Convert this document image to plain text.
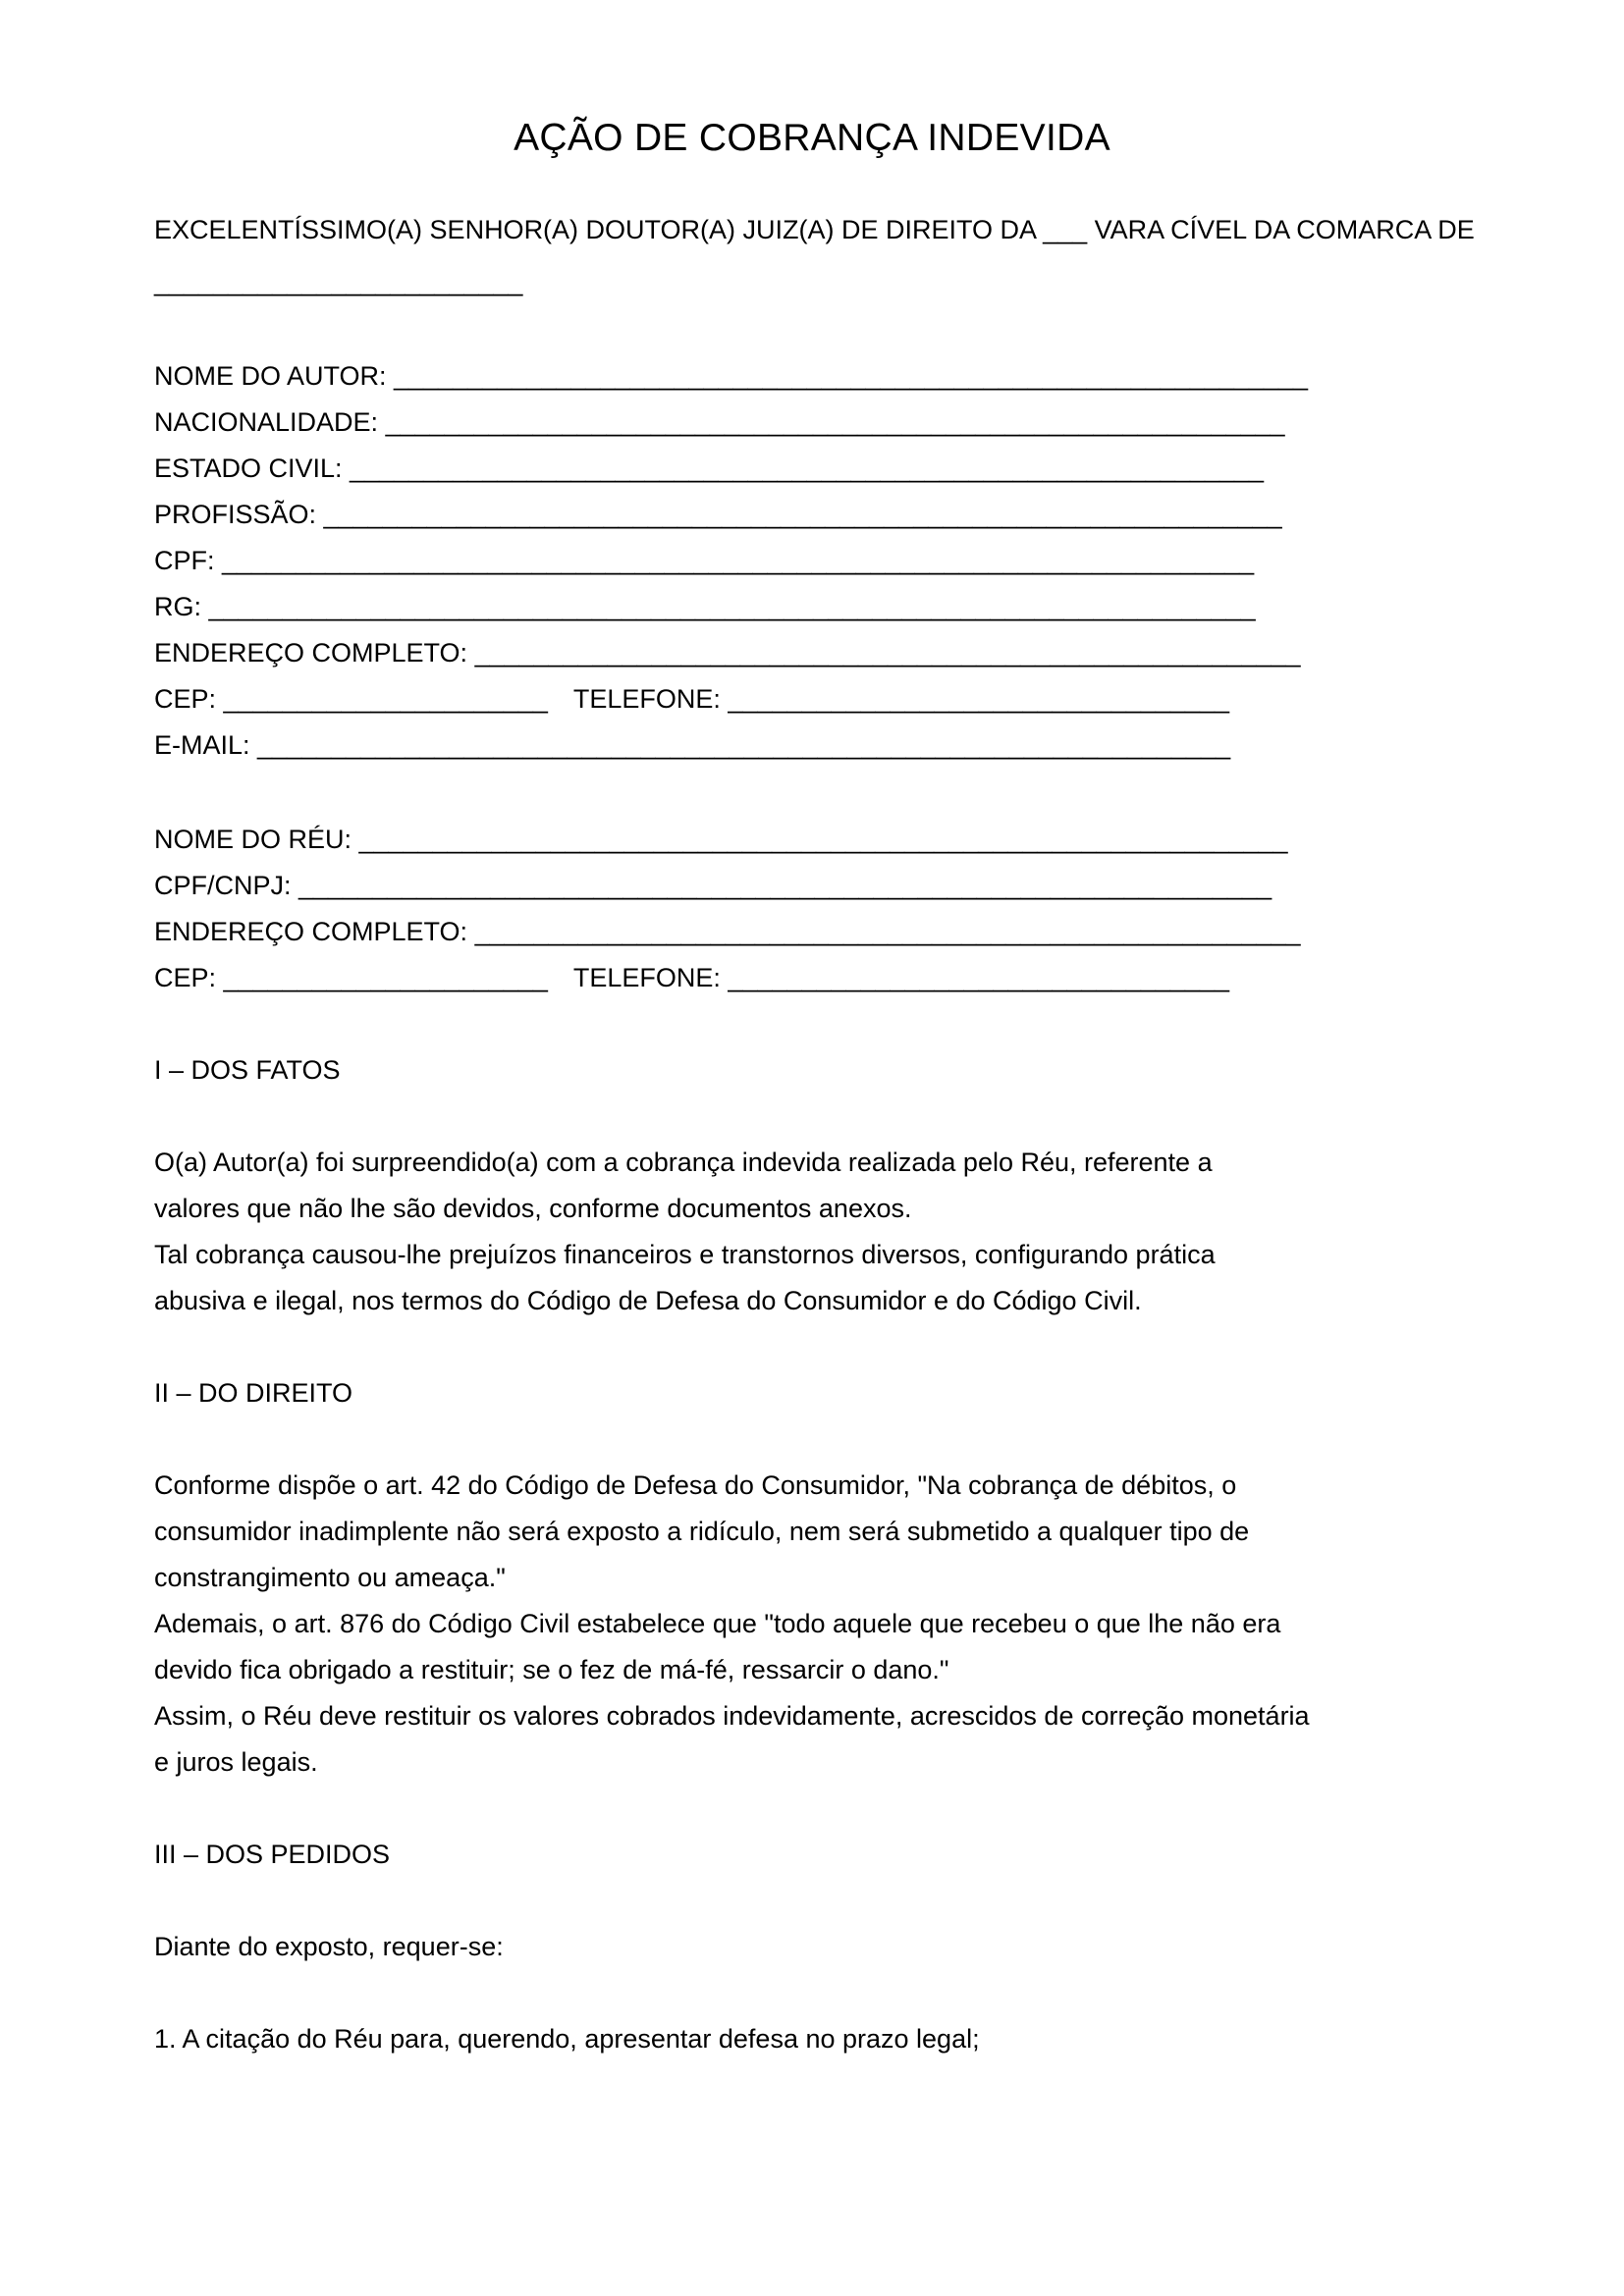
AÇÃO DE COBRANÇA INDEVIDA

EXCELENTÍSSIMO(A) SENHOR(A) DOUTOR(A) JUIZ(A) DE DIREITO DA ___ VARA CÍVEL DA COMARCA DE
_________________________

NOME DO AUTOR: ______________________________________________________________
NACIONALIDADE: _____________________________________________________________
ESTADO CIVIL: ______________________________________________________________
PROFISSÃO: _________________________________________________________________
CPF: ______________________________________________________________________
RG: _______________________________________________________________________
ENDEREÇO COMPLETO: ________________________________________________________
CEP: ______________________ TELEFONE: __________________________________
E-MAIL: __________________________________________________________________
NOME DO RÉU: _______________________________________________________________
CPF/CNPJ: __________________________________________________________________
ENDEREÇO COMPLETO: ________________________________________________________
CEP: ______________________ TELEFONE: __________________________________

I – DOS FATOS

O(a) Autor(a) foi surpreendido(a) com a cobrança indevida realizada pelo Réu, referente a
valores que não lhe são devidos, conforme documentos anexos.
Tal cobrança causou-lhe prejuízos financeiros e transtornos diversos, configurando prática
abusiva e ilegal, nos termos do Código de Defesa do Consumidor e do Código Civil.

II – DO DIREITO

Conforme dispõe o art. 42 do Código de Defesa do Consumidor, "Na cobrança de débitos, o
consumidor inadimplente não será exposto a ridículo, nem será submetido a qualquer tipo de
constrangimento ou ameaça."
Ademais, o art. 876 do Código Civil estabelece que "todo aquele que recebeu o que lhe não era
devido fica obrigado a restituir; se o fez de má-fé, ressarcir o dano."
Assim, o Réu deve restituir os valores cobrados indevidamente, acrescidos de correção monetária
e juros legais.

III – DOS PEDIDOS

Diante do exposto, requer-se:
1. A citação do Réu para, querendo, apresentar defesa no prazo legal;
